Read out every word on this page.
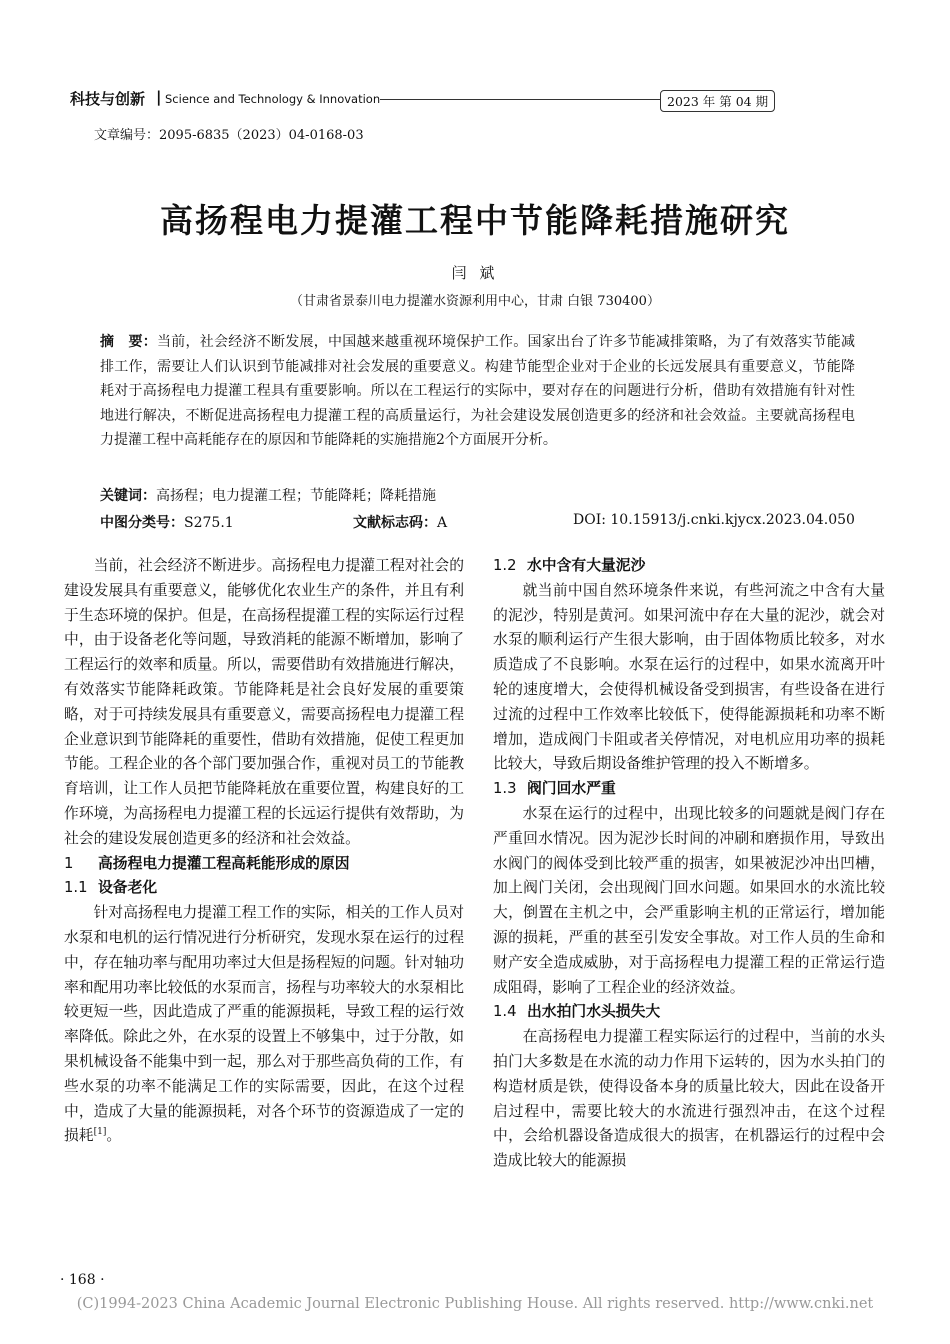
科技与创新 | Science and Technology & Innovation	2023 年 第 04 期
文章编号：2095-6835（2023）04-0168-03
高扬程电力提灌工程中节能降耗措施研究
闫 斌
（甘肃省景泰川电力提灌水资源利用中心，甘肃 白银 730400）
摘　要：当前，社会经济不断发展，中国越来越重视环境保护工作。国家出台了许多节能减排策略，为了有效落实节能减排工作，需要让人们认识到节能减排对社会发展的重要意义。构建节能型企业对于企业的长远发展具有重要意义，节能降耗对于高扬程电力提灌工程具有重要影响。所以在工程运行的实际中，要对存在的问题进行分析，借助有效措施有针对性地进行解决，不断促进高扬程电力提灌工程的高质量运行，为社会建设发展创造更多的经济和社会效益。主要就高扬程电力提灌工程中高耗能存在的原因和节能降耗的实施措施2个方面展开分析。
关键词：高扬程；电力提灌工程；节能降耗；降耗措施
中图分类号：S275.1	文献标志码：A	DOI: 10.15913/j.cnki.kjycx.2023.04.050

当前，社会经济不断进步。高扬程电力提灌工程对社会的建设发展具有重要意义，能够优化农业生产的条件，并且有利于生态环境的保护。但是，在高扬程提灌工程的实际运行过程中，由于设备老化等问题，导致消耗的能源不断增加，影响了工程运行的效率和质量。所以，需要借助有效措施进行解决，有效落实节能降耗政策。节能降耗是社会良好发展的重要策略，对于可持续发展具有重要意义，需要高扬程电力提灌工程企业意识到节能降耗的重要性，借助有效措施，促使工程更加节能。工程企业的各个部门要加强合作，重视对员工的节能教育培训，让工作人员把节能降耗放在重要位置，构建良好的工作环境，为高扬程电力提灌工程的长远运行提供有效帮助，为社会的建设发展创造更多的经济和社会效益。

1 高扬程电力提灌工程高耗能形成的原因
1.1 设备老化

针对高扬程电力提灌工程工作的实际，相关的工作人员对水泵和电机的运行情况进行分析研究，发现水泵在运行的过程中，存在轴功率与配用功率过大但是扬程短的问题。针对轴功率和配用功率比较低的水泵而言，扬程与功率较大的水泵相比较更短一些，因此造成了严重的能源损耗，导致工程的运行效率降低。除此之外，在水泵的设置上不够集中，过于分散，如果机械设备不能集中到一起，那么对于那些高负荷的工作，有些水泵的功率不能满足工作的实际需要，因此，在这个过程中，造成了大量的能源损耗，对各个环节的资源造成了一定的损耗[1]。

1.2 水中含有大量泥沙

就当前中国自然环境条件来说，有些河流之中含有大量的泥沙，特别是黄河。如果河流中存在大量的泥沙，就会对水泵的顺利运行产生很大影响，由于固体物质比较多，对水质造成了不良影响。水泵在运行的过程中，如果水流离开叶轮的速度增大，会使得机械设备受到损害，有些设备在进行过流的过程中工作效率比较低下，使得能源损耗和功率不断增加，造成阀门卡阻或者关停情况，对电机应用功率的损耗比较大，导致后期设备维护管理的投入不断增多。

1.3 阀门回水严重

水泵在运行的过程中，出现比较多的问题就是阀门存在严重回水情况。因为泥沙长时间的冲刷和磨损作用，导致出水阀门的阀体受到比较严重的损害，如果被泥沙冲出凹槽，加上阀门关闭，会出现阀门回水问题。如果回水的水流比较大，倒置在主机之中，会严重影响主机的正常运行，增加能源的损耗，严重的甚至引发安全事故。对工作人员的生命和财产安全造成威胁，对于高扬程电力提灌工程的正常运行造成阻碍，影响了工程企业的经济效益。

1.4 出水拍门水头损失大

在高扬程电力提灌工程实际运行的过程中，当前的水头拍门大多数是在水流的动力作用下运转的，因为水头拍门的构造材质是铁，使得设备本身的质量比较大，因此在设备开启过程中，需要比较大的水流进行强烈冲击，在这个过程中，会给机器设备造成很大的损害，在机器运行的过程中会造成比较大的能源损

· 168 ·
(C)1994-2023 China Academic Journal Electronic Publishing House. All rights reserved. http://www.cnki.net
